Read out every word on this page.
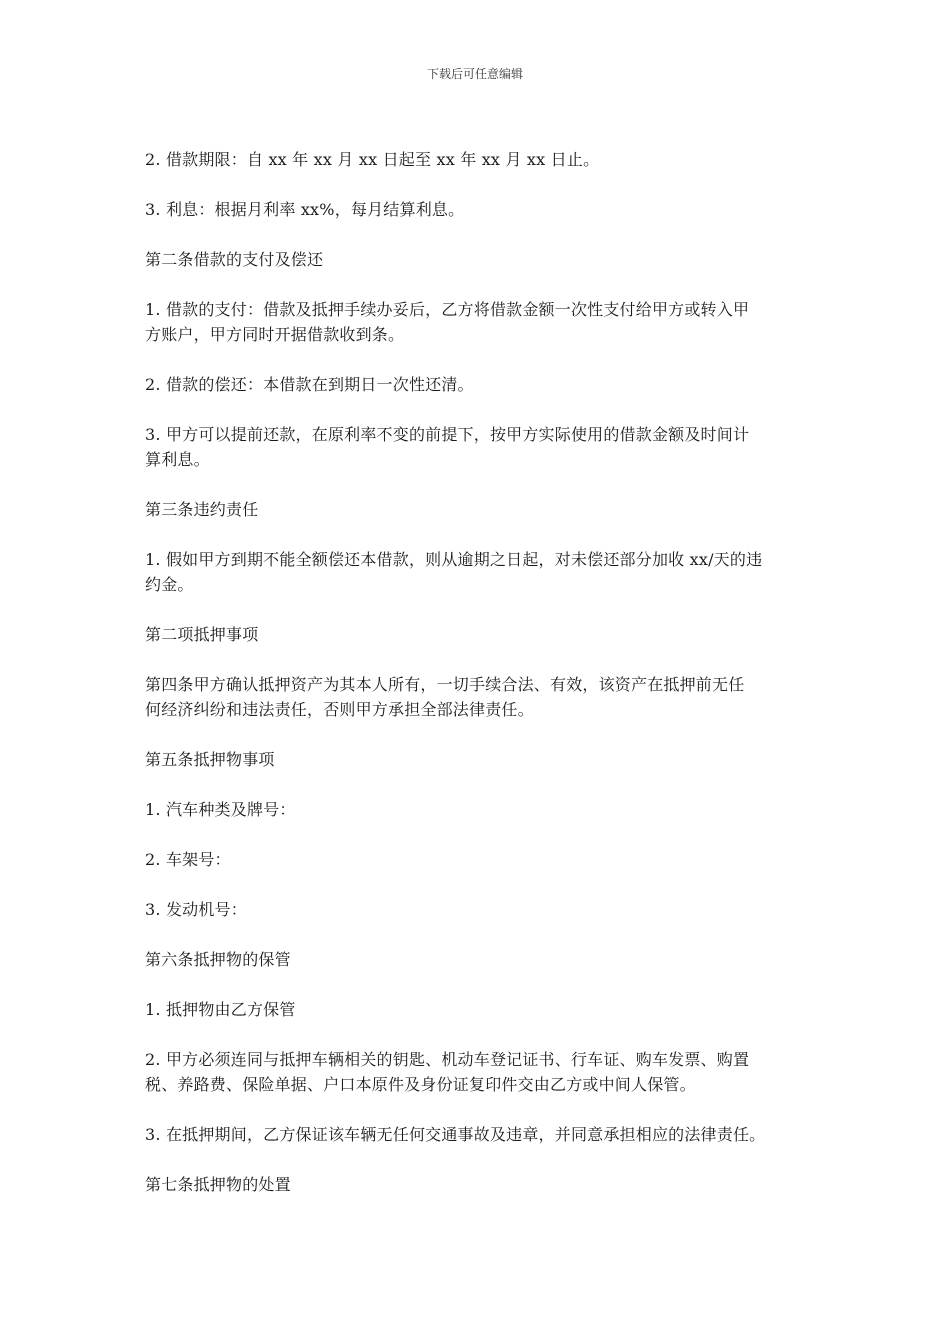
下载后可任意编辑

2. 借款期限：自 xx 年 xx 月 xx 日起至 xx 年 xx 月 xx 日止。

3. 利息：根据月利率 xx%，每月结算利息。

第二条借款的支付及偿还

1. 借款的支付：借款及抵押手续办妥后，乙方将借款金额一次性支付给甲方或转入甲
方账户，甲方同时开据借款收到条。

2. 借款的偿还：本借款在到期日一次性还清。

3. 甲方可以提前还款，在原利率不变的前提下，按甲方实际使用的借款金额及时间计
算利息。

第三条违约责任

1. 假如甲方到期不能全额偿还本借款，则从逾期之日起，对未偿还部分加收 xx/天的违
约金。

第二项抵押事项

第四条甲方确认抵押资产为其本人所有，一切手续合法、有效，该资产在抵押前无任
何经济纠纷和违法责任，否则甲方承担全部法律责任。

第五条抵押物事项

1. 汽车种类及牌号：

2. 车架号：

3. 发动机号：

第六条抵押物的保管

1. 抵押物由乙方保管

2. 甲方必须连同与抵押车辆相关的钥匙、机动车登记证书、行车证、购车发票、购置
税、养路费、保险单据、户口本原件及身份证复印件交由乙方或中间人保管。

3. 在抵押期间，乙方保证该车辆无任何交通事故及违章，并同意承担相应的法律责任。

第七条抵押物的处置
